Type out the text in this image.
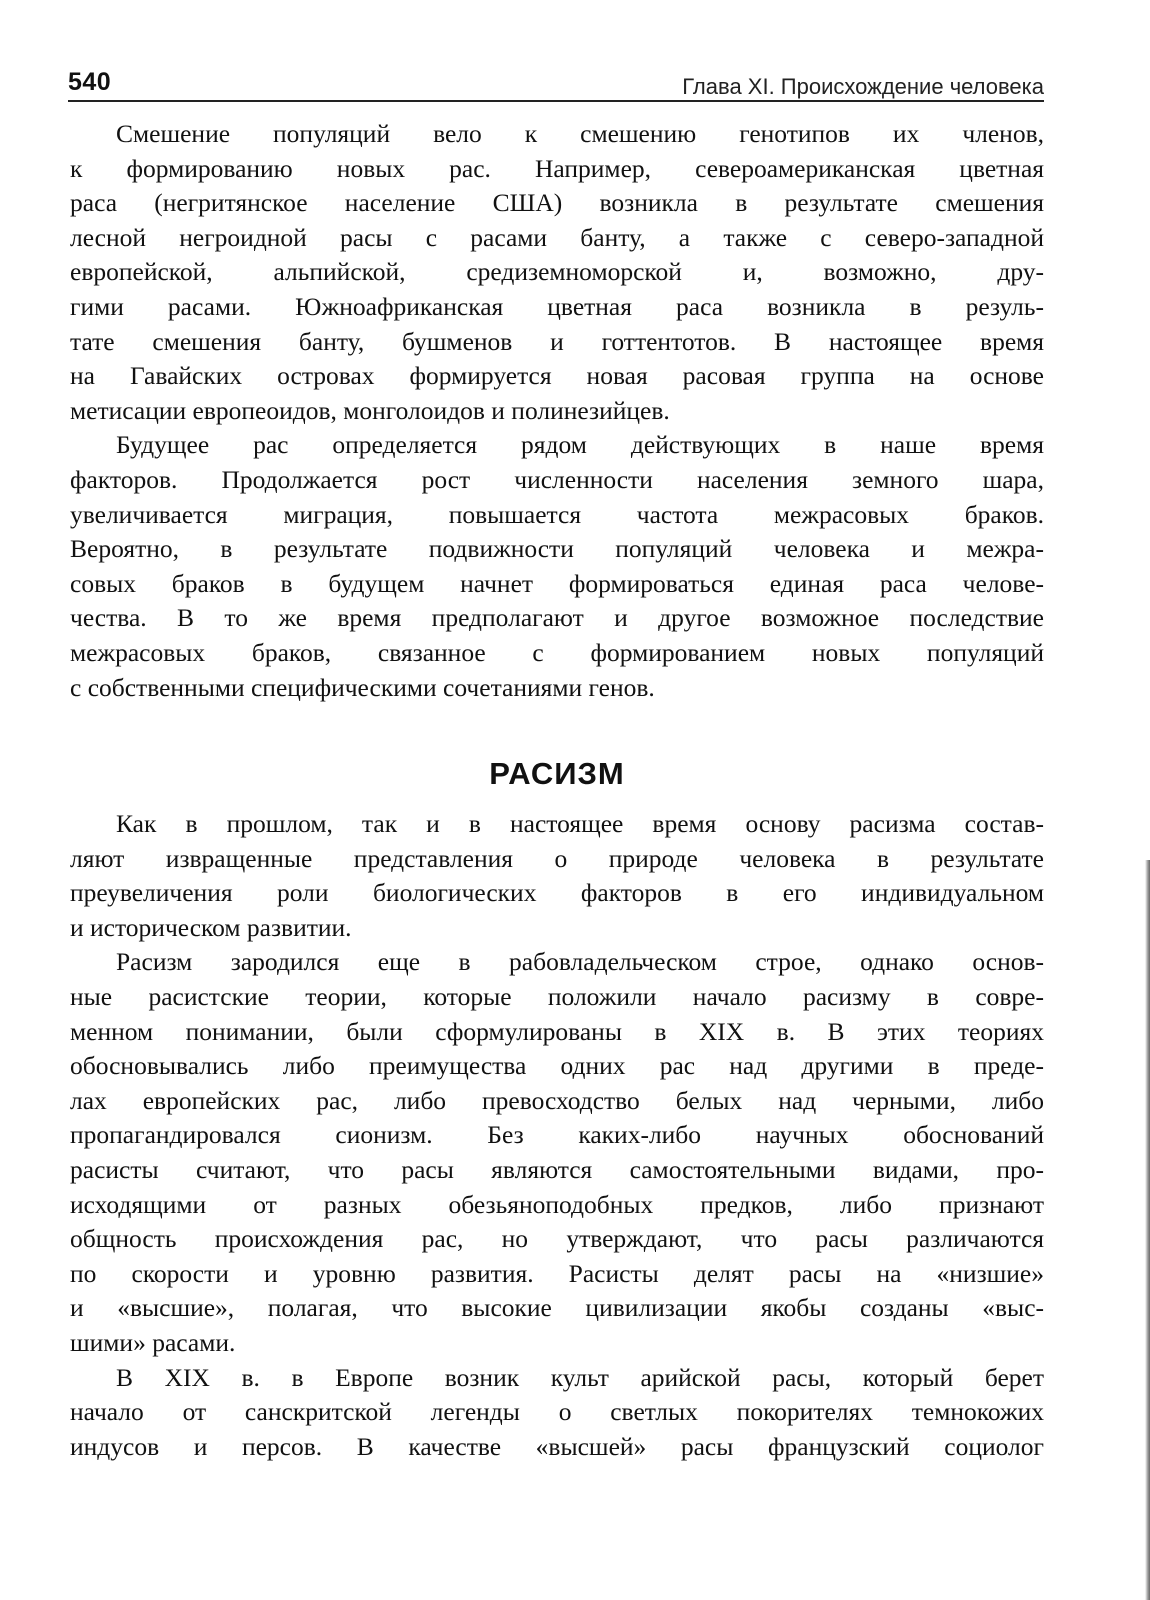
540	Глава XI. Происхождение человека

Смешение популяций вело к смешению генотипов их членов,
к формированию новых рас. Например, североамериканская цветная
раса (негритянское население США) возникла в результате смешения
лесной негроидной расы с расами банту, а также с северо-западной
европейской, альпийской, средиземноморской и, возможно, дру-
гими расами. Южноафриканская цветная раса возникла в резуль-
тате смешения банту, бушменов и готтентотов. В настоящее время
на Гавайских островах формируется новая расовая группа на основе
метисации европеоидов, монголоидов и полинезийцев.

Будущее рас определяется рядом действующих в наше время
факторов. Продолжается рост численности населения земного шара,
увеличивается миграция, повышается частота межрасовых браков.
Вероятно, в результате подвижности популяций человека и межра-
совых браков в будущем начнет формироваться единая раса челове-
чества. В то же время предполагают и другое возможное последствие
межрасовых браков, связанное с формированием новых популяций
с собственными специфическими сочетаниями генов.

РАСИЗМ

Как в прошлом, так и в настоящее время основу расизма состав-
ляют извращенные представления о природе человека в результате
преувеличения роли биологических факторов в его индивидуальном
и историческом развитии.

Расизм зародился еще в рабовладельческом строе, однако основ-
ные расистские теории, которые положили начало расизму в совре-
менном понимании, были сформулированы в XIX в. В этих теориях
обосновывались либо преимущества одних рас над другими в преде-
лах европейских рас, либо превосходство белых над черными, либо
пропагандировался сионизм. Без каких-либо научных обоснований
расисты считают, что расы являются самостоятельными видами, про-
исходящими от разных обезьяноподобных предков, либо признают
общность происхождения рас, но утверждают, что расы различаются
по скорости и уровню развития. Расисты делят расы на «низшие»
и «высшие», полагая, что высокие цивилизации якобы созданы «выс-
шими» расами.

В XIX в. в Европе возник культ арийской расы, который берет
начало от санскритской легенды о светлых покорителях темнокожих
индусов и персов. В качестве «высшей» расы французский социолог
